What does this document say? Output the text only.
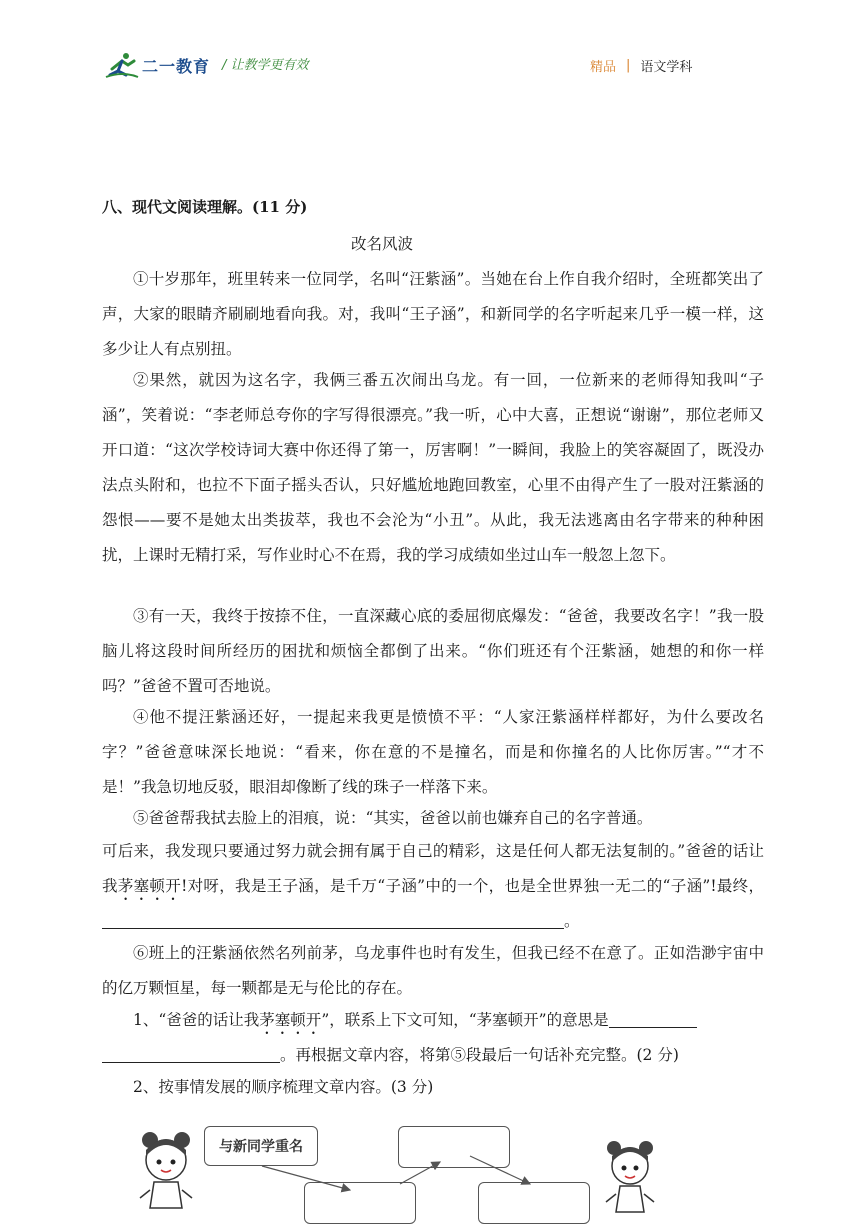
二一教育 / 让教学更有效	精品 | 语文学科
八、现代文阅读理解。(11 分)
改名风波
①十岁那年，班里转来一位同学，名叫“汪紫涵”。当她在台上作自我介绍时，全班都笑出了声，大家的眼睛齐刷刷地看向我。对，我叫“王子涵”，和新同学的名字听起来几乎一模一样，这多少让人有点别扭。
②果然，就因为这名字，我俩三番五次闹出乌龙。有一回，一位新来的老师得知我叫“子涵”，笑着说：“李老师总夸你的字写得很漂亮。”我一听，心中大喜，正想说“谢谢”，那位老师又开口道：“这次学校诗词大赛中你还得了第一，厉害啊！”一瞬间，我脸上的笑容凝固了，既没办法点头附和，也拉不下面子摇头否认，只好尴尬地跑回教室，心里不由得产生了一股对汪紫涵的怨恨——要不是她太出类拔萃，我也不会沦为“小丑”。从此，我无法逃离由名字带来的种种困扰，上课时无精打采，写作业时心不在焉，我的学习成绩如坐过山车一般忽上忽下。
③有一天，我终于按捺不住，一直深藏心底的委屈彻底爆发：“爸爸，我要改名字！”我一股脑儿将这段时间所经历的困扰和烦恼全都倒了出来。“你们班还有个汪紫涵，她想的和你一样吗？”爸爸不置可否地说。
④他不提汪紫涵还好，一提起来我更是愤愤不平：“人家汪紫涵样样都好，为什么要改名字？”爸爸意味深长地说：“看来，你在意的不是撞名，而是和你撞名的人比你厉害。”“才不是！”我急切地反驳，眼泪却像断了线的珠子一样落下来。
⑤爸爸帮我拭去脸上的泪痕，说：“其实，爸爸以前也嫌弃自己的名字普通。
可后来，我发现只要通过努力就会拥有属于自己的精彩，这是任何人都无法复制的。”爸爸的话让我茅塞顿开!对呀，我是王子涵，是千万“子涵”中的一个，也是全世界独一无二的“子涵”!最终，。
⑥班上的汪紫涵依然名列前茅，乌龙事件也时有发生，但我已经不在意了。正如浩渺宇宙中的亿万颗恒星，每一颗都是无与伦比的存在。
1、“爸爸的话让我茅塞顿开”，联系上下文可知，“茅塞顿开”的意思是
。再根据文章内容，将第⑤段最后一句话补充完整。(2 分)
2、按事情发展的顺序梳理文章内容。(3 分)
与新同学重名
